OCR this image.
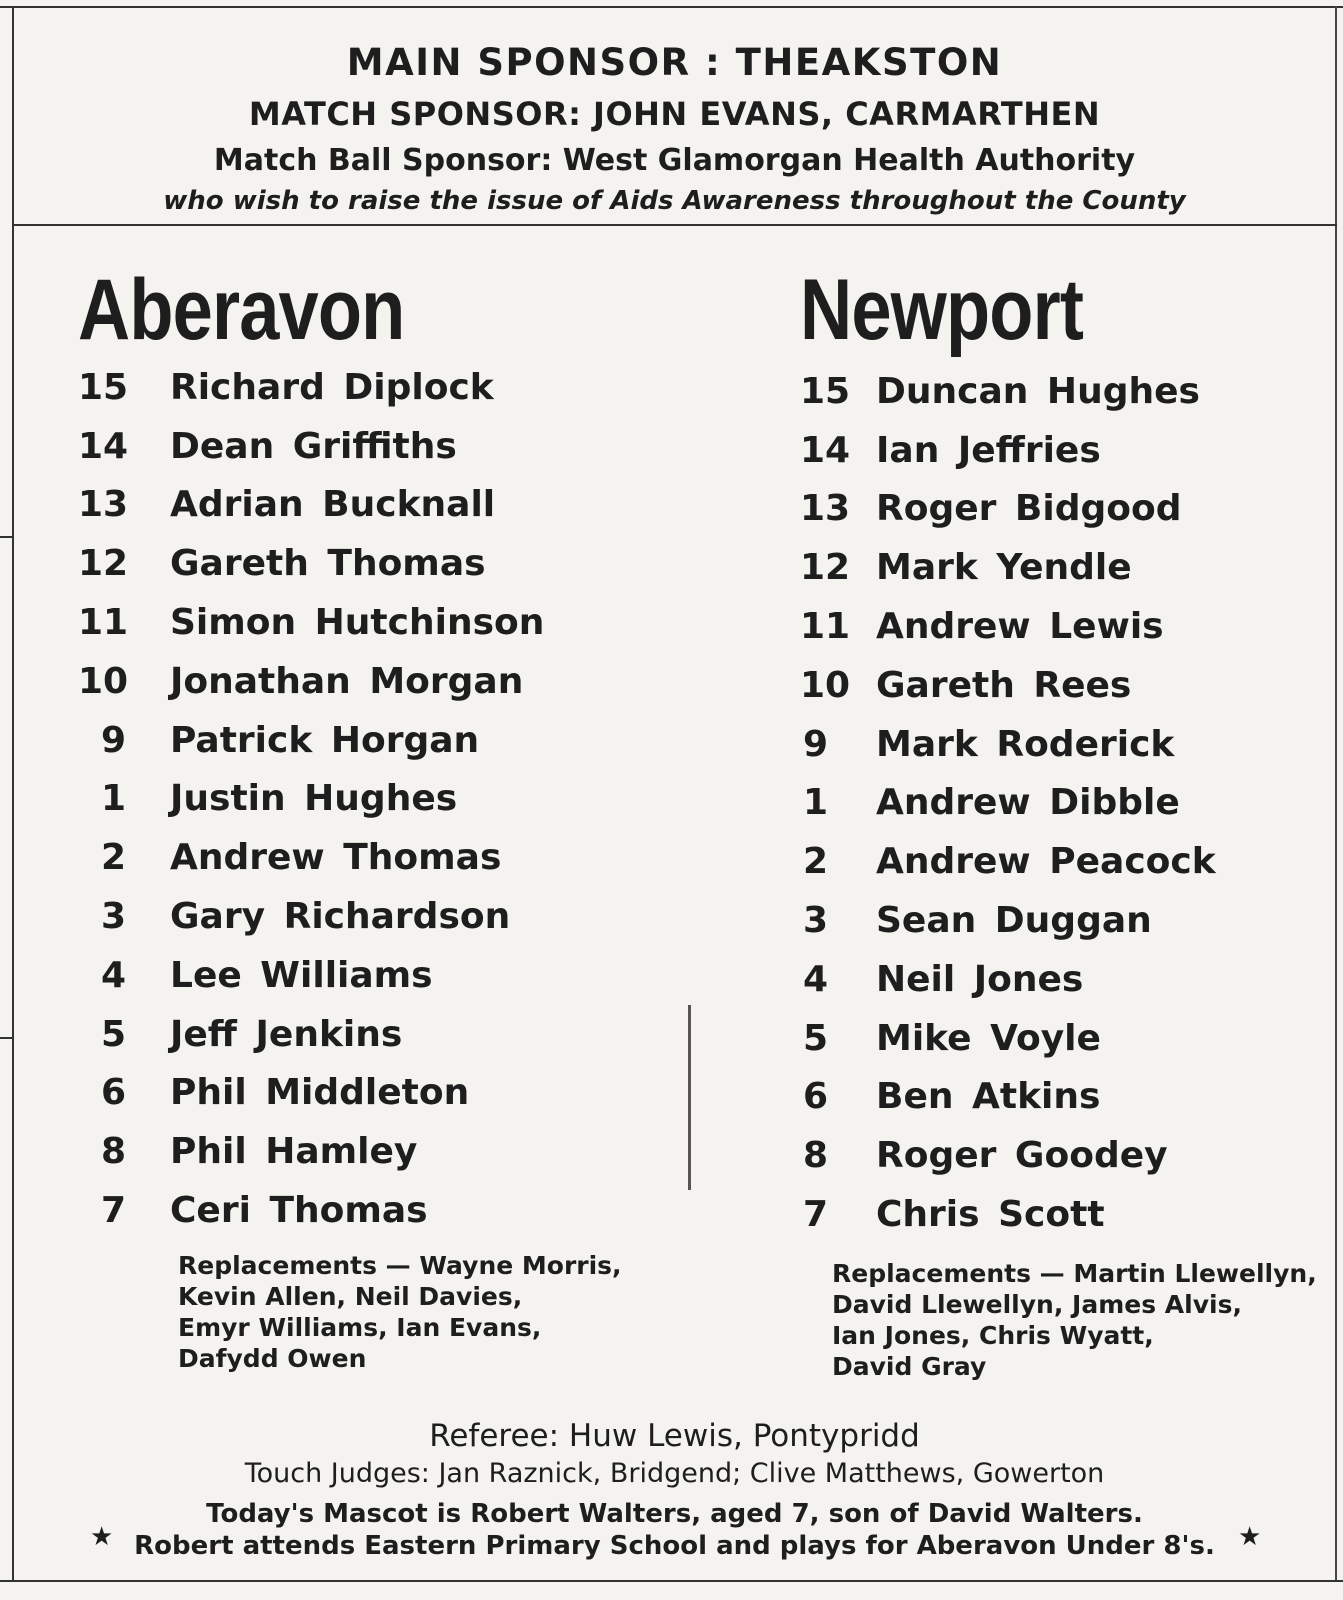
MAIN SPONSOR : THEAKSTON
MATCH SPONSOR: JOHN EVANS, CARMARTHEN
Match Ball Sponsor: West Glamorgan Health Authority
who wish to raise the issue of Aids Awareness throughout the County
Aberavon
15 Richard Diplock
14 Dean Griffiths
13 Adrian Bucknall
12 Gareth Thomas
11 Simon Hutchinson
10 Jonathan Morgan
9 Patrick Horgan
1 Justin Hughes
2 Andrew Thomas
3 Gary Richardson
4 Lee Williams
5 Jeff Jenkins
6 Phil Middleton
8 Phil Hamley
7 Ceri Thomas
Replacements — Wayne Morris,
Kevin Allen, Neil Davies,
Emyr Williams, Ian Evans,
Dafydd Owen
Newport
15 Duncan Hughes
14 Ian Jeffries
13 Roger Bidgood
12 Mark Yendle
11 Andrew Lewis
10 Gareth Rees
9 Mark Roderick
1 Andrew Dibble
2 Andrew Peacock
3 Sean Duggan
4 Neil Jones
5 Mike Voyle
6 Ben Atkins
8 Roger Goodey
7 Chris Scott
Replacements — Martin Llewellyn,
David Llewellyn, James Alvis,
Ian Jones, Chris Wyatt,
David Gray
Referee: Huw Lewis, Pontypridd
Touch Judges: Jan Raznick, Bridgend; Clive Matthews, Gowerton
Today's Mascot is Robert Walters, aged 7, son of David Walters.
Robert attends Eastern Primary School and plays for Aberavon Under 8's.
★	★
